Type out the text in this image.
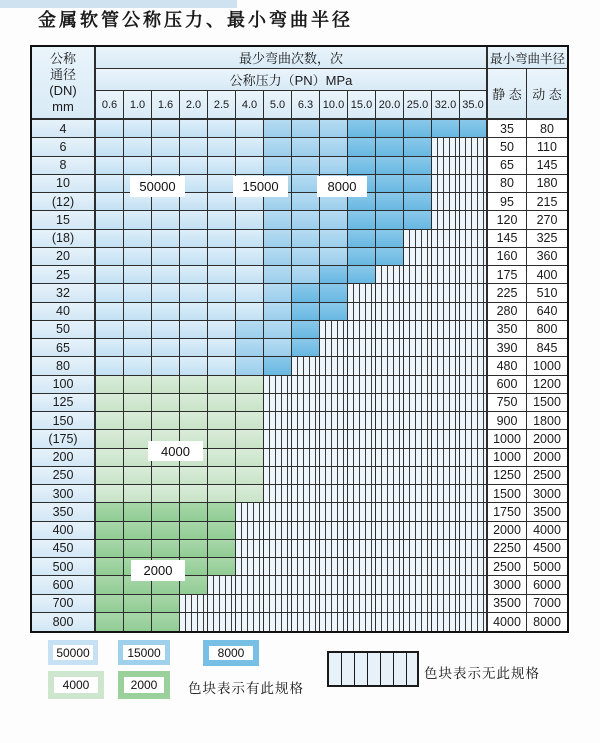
金属软管公称压力、最小弯曲半径
公称
通径
(DN)
mm
最少弯曲次数，次	最小弯曲半径
公称压力（PN）MPa
静 态 动 态
0.6	1.0	1.6	2.0	2.5	4.0	5.0	6.3 10.0 15.0 20.0 25.0 32.0 35.0
4	35	80
6	50	110
8	65	145
10	80	180
(12)	95	215
15	120	270
(18)	145	325
20	160	360
25	175	400
32	225	510
40	280	640
50	350	800
65	390	845
80	480	1000
100	600	1200
125	750	1500
150	900	1800
(175)	1000 2000
200	1000 2000
250	1250 2500
300	1500 3000
350	1750 3500
400	2000 4000
450	2250 4500
500	2500 5000
600	3000 6000
700	3500 7000
800	4000 8000
50000	15000	8000
4000
2000
50000	15000	8000
4000	2000	色块表示有此规格
色块表示无此规格
